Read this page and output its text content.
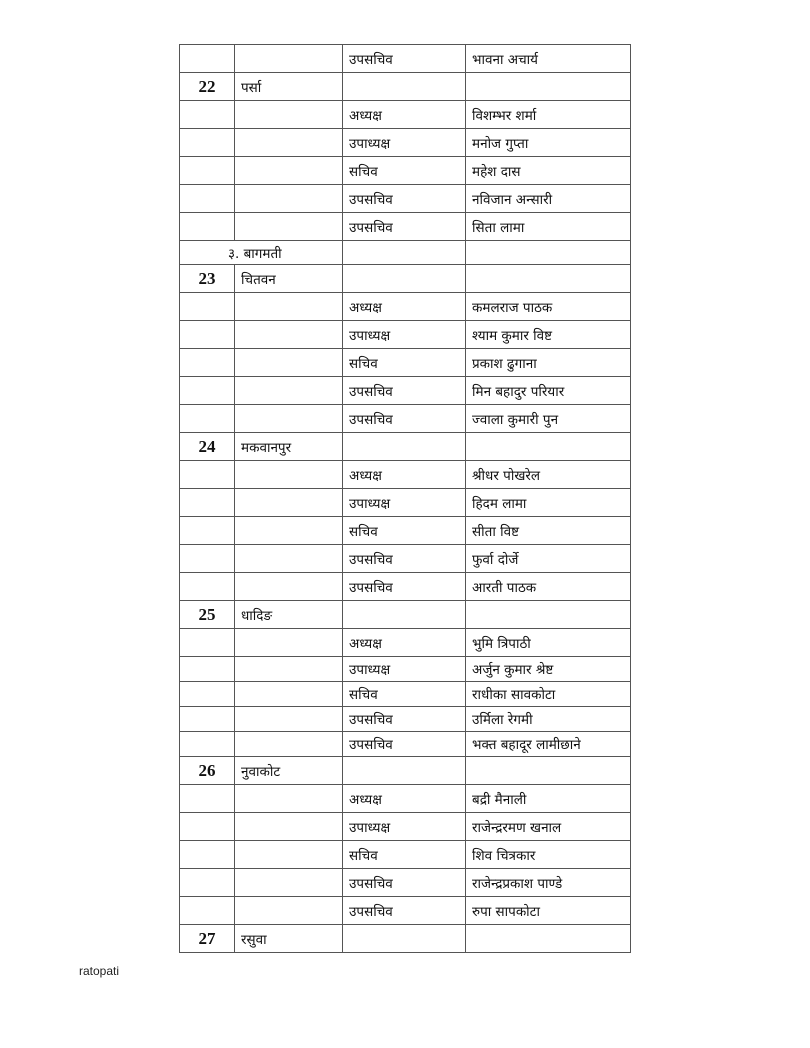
		उपसचिव	भावना अचार्य
22	पर्सा		
		अध्यक्ष	विशम्भर शर्मा
		उपाध्यक्ष	मनोज गुप्ता
		सचिव	महेश दास
		उपसचिव	नविजान अन्सारी
		उपसचिव	सिता लामा
३. बागमती			
23	चितवन		
		अध्यक्ष	कमलराज पाठक
		उपाध्यक्ष	श्याम कुमार विष्ट
		सचिव	प्रकाश ढुगाना
		उपसचिव	मिन बहादुर परियार
		उपसचिव	ज्वाला कुमारी पुन
24	मकवानपुर		
		अध्यक्ष	श्रीधर पोखरेल
		उपाध्यक्ष	हिदम लामा
		सचिव	सीता विष्ट
		उपसचिव	फुर्वा दोर्जे
		उपसचिव	आरती पाठक
25	धादिङ		
		अध्यक्ष	भुमि त्रिपाठी
		उपाध्यक्ष	अर्जुन कुमार श्रेष्ट
		सचिव	राधीका सावकोटा
		उपसचिव	उर्मिला रेगमी
		उपसचिव	भक्त बहादूर लामीछाने
26	नुवाकोट		
		अध्यक्ष	बद्री मैनाली
		उपाध्यक्ष	राजेन्द्ररमण खनाल
		सचिव	शिव चित्रकार
		उपसचिव	राजेन्द्रप्रकाश पाण्डे
		उपसचिव	रुपा सापकोटा
27	रसुवा		
ratopati
